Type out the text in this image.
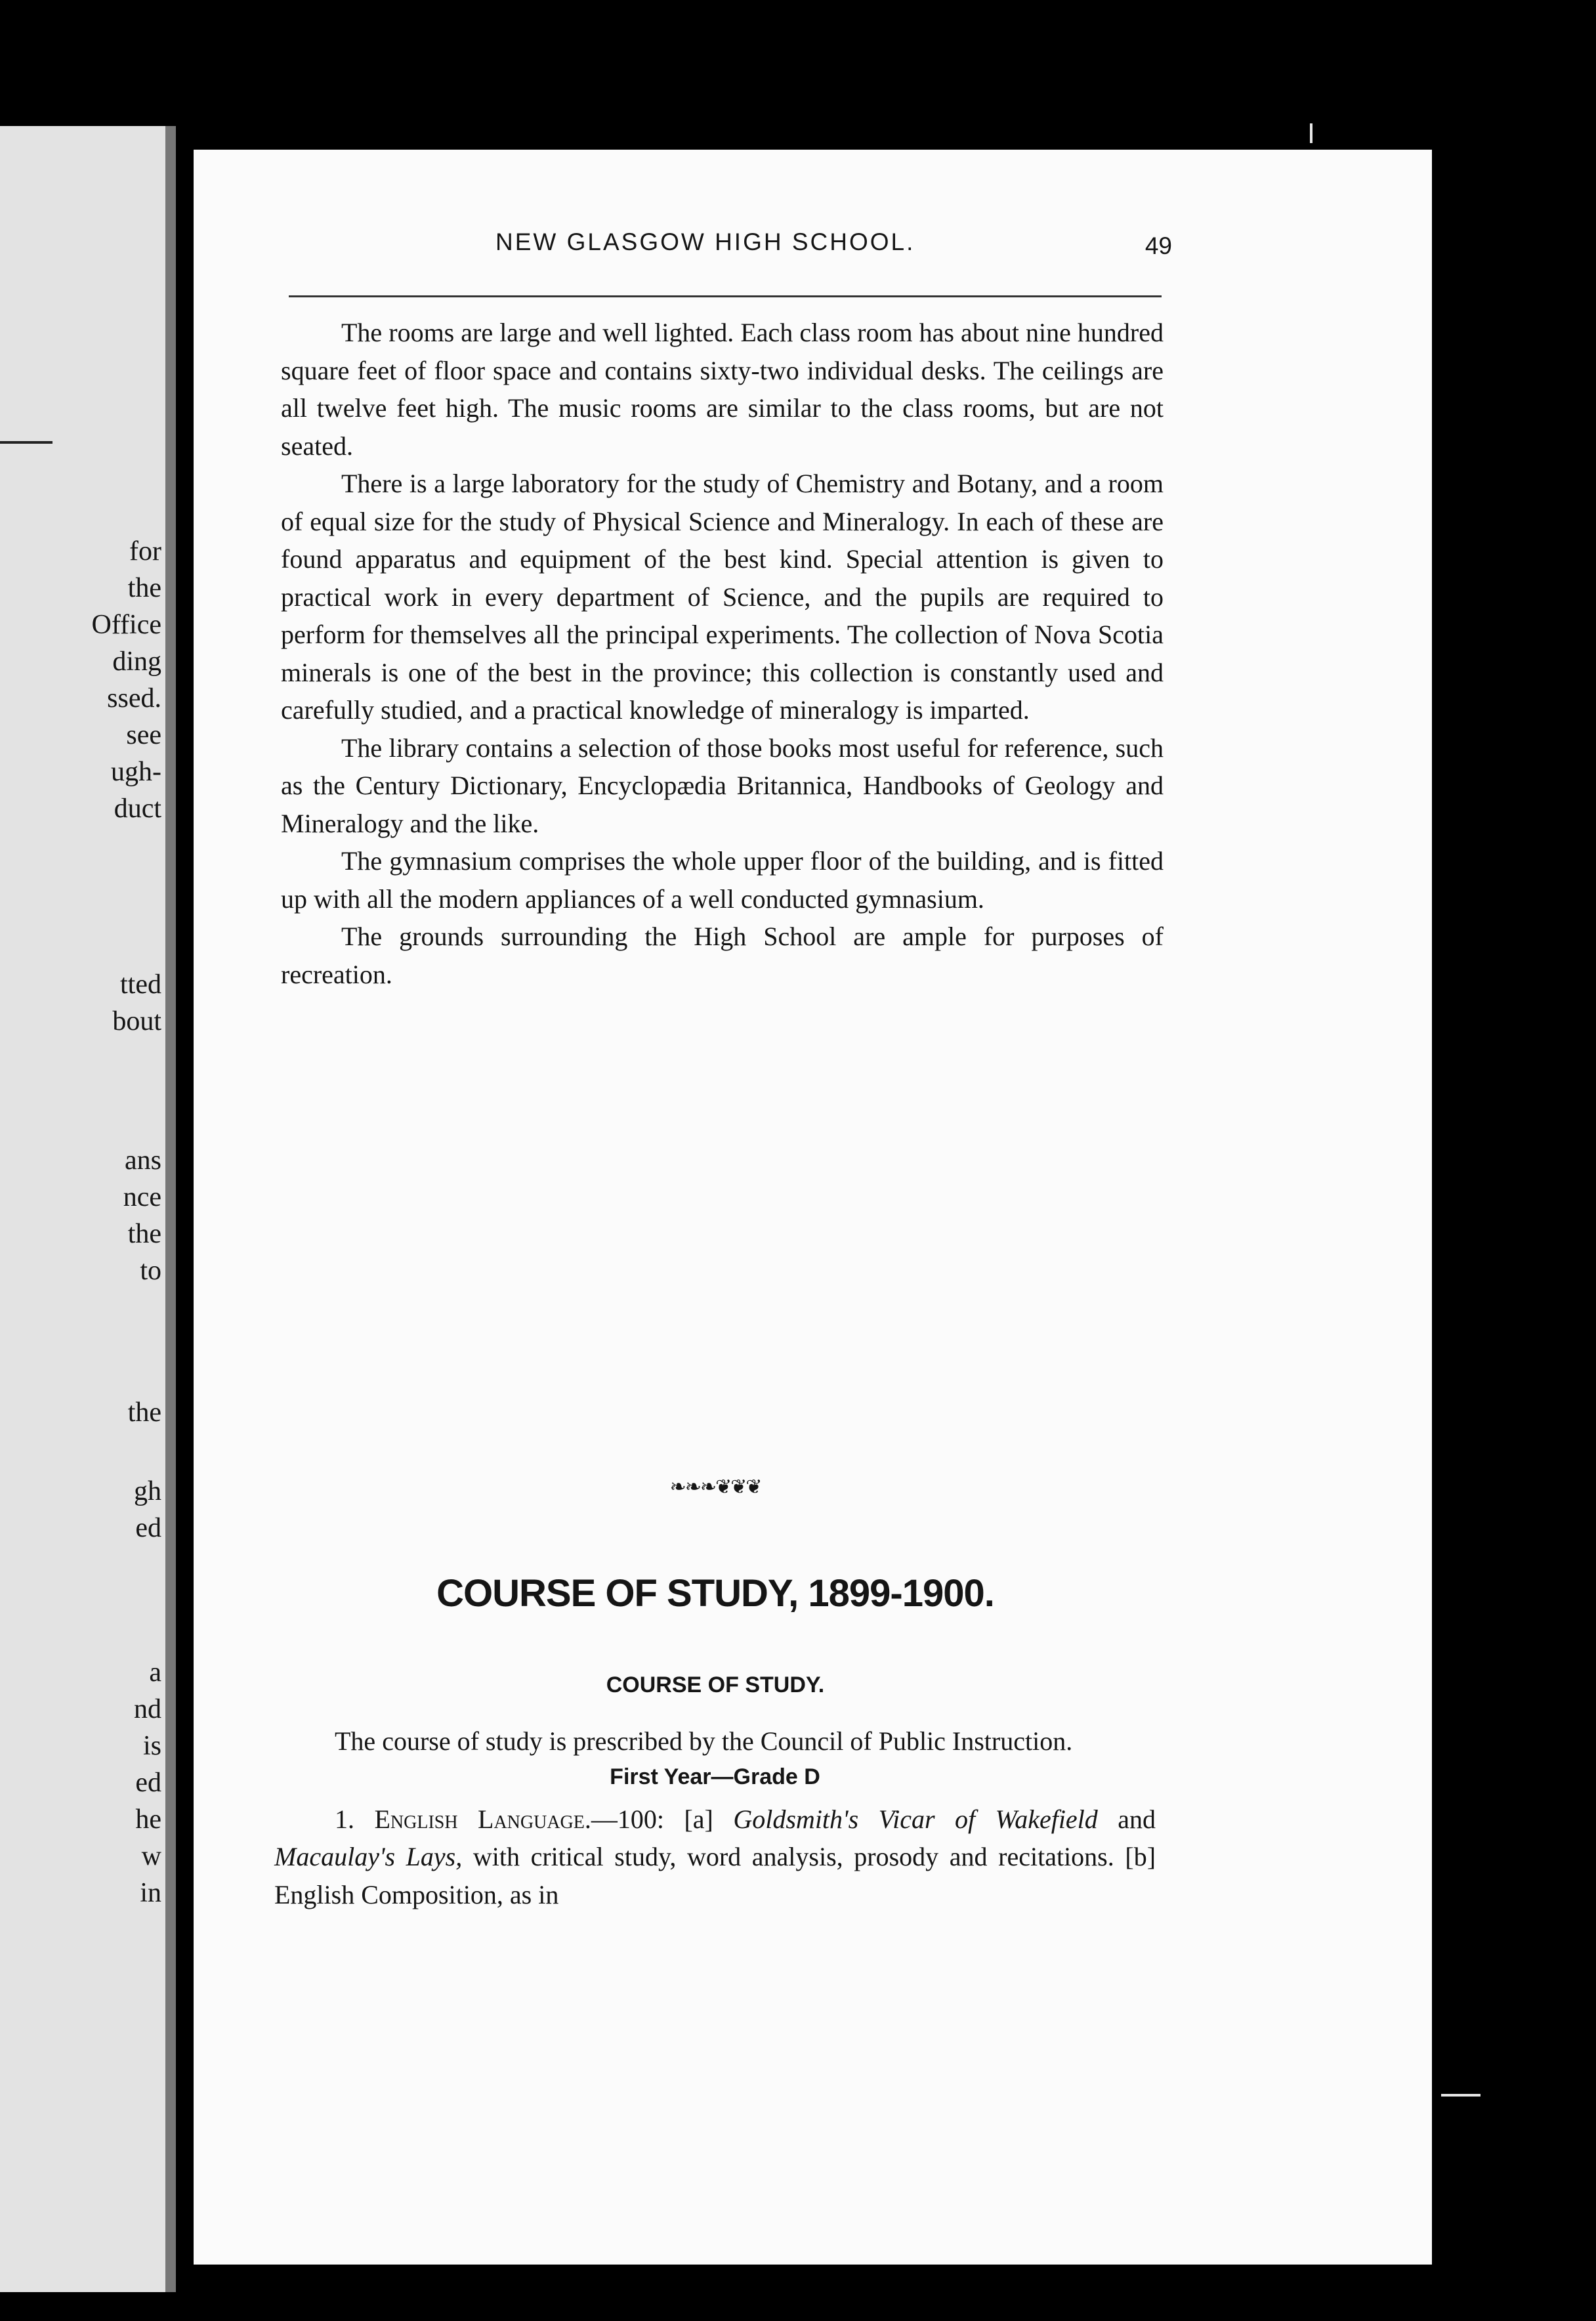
for
the
Office
ding
ssed.
see
ugh-
duct
tted
bout
ans
nce
the
to
the
gh
ed
a
nd
is
ed
he
w
in
NEW GLASGOW HIGH SCHOOL.	49

The rooms are large and well lighted. Each class room has about nine hundred square feet of floor space and contains sixty-two individual desks. The ceilings are all twelve feet high. The music rooms are similar to the class rooms, but are not seated.

There is a large laboratory for the study of Chemistry and Botany, and a room of equal size for the study of Physical Science and Mineralogy. In each of these are found apparatus and equipment of the best kind. Special attention is given to practical work in every department of Science, and the pupils are required to perform for themselves all the principal experiments. The collection of Nova Scotia minerals is one of the best in the province; this collection is constantly used and carefully studied, and a practical knowledge of mineralogy is imparted.

The library contains a selection of those books most useful for reference, such as the Century Dictionary, Encyclopædia Britannica, Handbooks of Geology and Mineralogy and the like.

The gymnasium comprises the whole upper floor of the building, and is fitted up with all the modern appliances of a well conducted gymnasium.

The grounds surrounding the High School are ample for purposes of recreation.

❧❧❧❦❦❦
COURSE OF STUDY, 1899-1900.
COURSE OF STUDY.

The course of study is prescribed by the Council of Public Instruction.

First Year—Grade D

1. English Language.—100: [a] Goldsmith's Vicar of Wakefield and Macaulay's Lays, with critical study, word analysis, prosody and recitations. [b] English Composition, as in
